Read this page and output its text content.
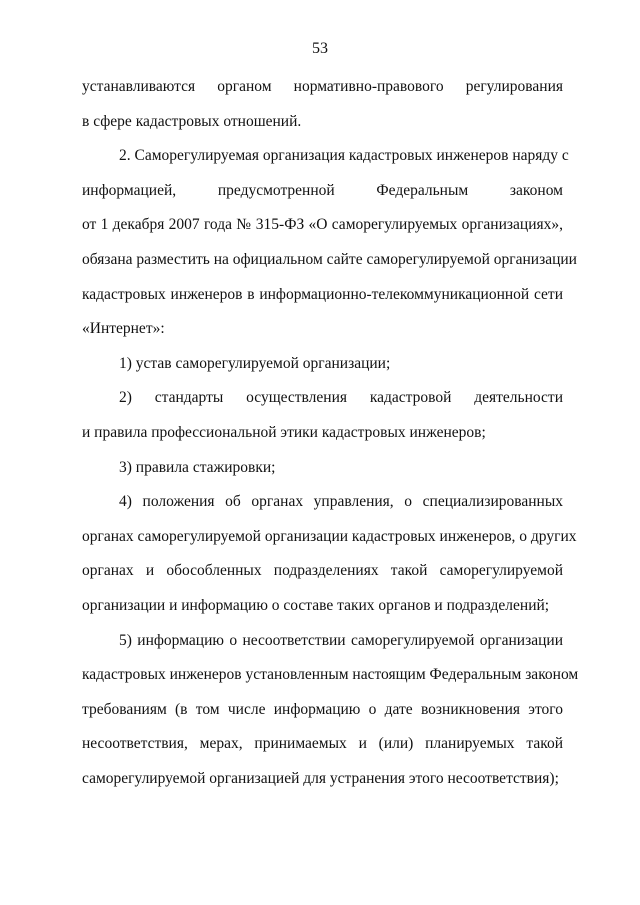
53
устанавливаются органом нормативно-правового регулирования
в сфере кадастровых отношений.
2. Саморегулируемая организация кадастровых инженеров наряду с
информацией, предусмотренной Федеральным законом
от 1 декабря 2007 года № 315-ФЗ «О саморегулируемых организациях»,
обязана разместить на официальном сайте саморегулируемой организации
кадастровых инженеров в информационно-телекоммуникационной сети
«Интернет»:
1) устав саморегулируемой организации;
2) стандарты осуществления кадастровой деятельности
и правила профессиональной этики кадастровых инженеров;
3) правила стажировки;
4) положения об органах управления, о специализированных
органах саморегулируемой организации кадастровых инженеров, о других
органах и обособленных подразделениях такой саморегулируемой
организации и информацию о составе таких органов и подразделений;
5) информацию о несоответствии саморегулируемой организации
кадастровых инженеров установленным настоящим Федеральным законом
требованиям (в том числе информацию о дате возникновения этого
несоответствия, мерах, принимаемых и (или) планируемых такой
саморегулируемой организацией для устранения этого несоответствия);
